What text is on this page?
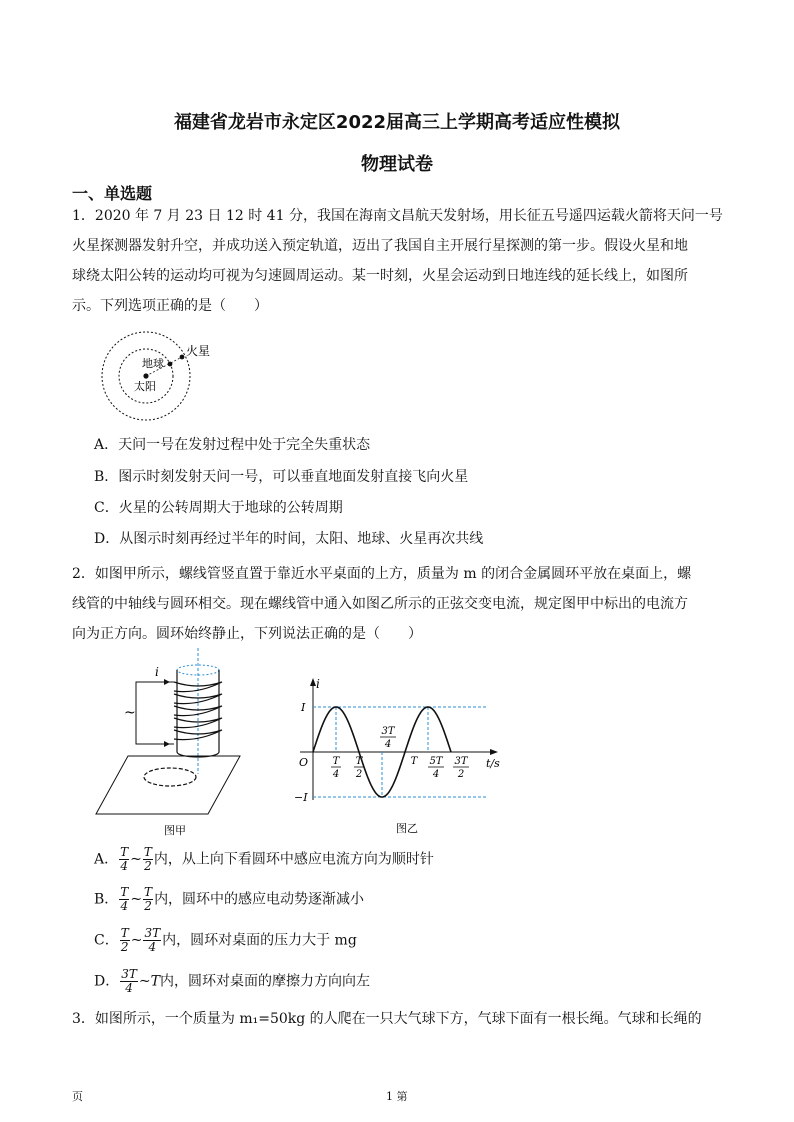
福建省龙岩市永定区2022届高三上学期高考适应性模拟
物理试卷
一、单选题
1．2020 年 7 月 23 日 12 时 41 分，我国在海南文昌航天发射场，用长征五号遥四运载火箭将天问一号
火星探测器发射升空，并成功送入预定轨道，迈出了我国自主开展行星探测的第一步。假设火星和地
球绕太阳公转的运动均可视为匀速圆周运动。某一时刻，火星会运动到日地连线的延长线上，如图所
示。下列选项正确的是（　　）
火星
地球
太阳
A．天问一号在发射过程中处于完全失重状态
B．图示时刻发射天问一号，可以垂直地面发射直接飞向火星
C．火星的公转周期大于地球的公转周期
D．从图示时刻再经过半年的时间，太阳、地球、火星再次共线
2．如图甲所示，螺线管竖直置于靠近水平桌面的上方，质量为 m 的闭合金属圆环平放在桌面上，螺
线管的中轴线与圆环相交。现在螺线管中通入如图乙所示的正弦交变电流，规定图甲中标出的电流方
向为正方向。圆环始终静止，下列说法正确的是（　　）
i
~
图甲
i
t/s
O
I
−I
T
4
T
2
3T
4
T 5T
4
3T
2
图乙
A． $\frac{T}{4}$ ~ $\frac{T}{2}$ 内，从上向下看圆环中感应电流方向为顺时针
B． $\frac{T}{4}$ ~ $\frac{T}{2}$ 内，圆环中的感应电动势逐渐减小
C． $\frac{T}{2}$ ~ $\frac{3T}{4}$ 内，圆环对桌面的压力大于 mg
D． $\frac{3T}{4}$ ~T内，圆环对桌面的摩擦力方向向左
3．如图所示，一个质量为 m₁=50kg 的人爬在一只大气球下方，气球下面有一根长绳。气球和长绳的
页	1 第
